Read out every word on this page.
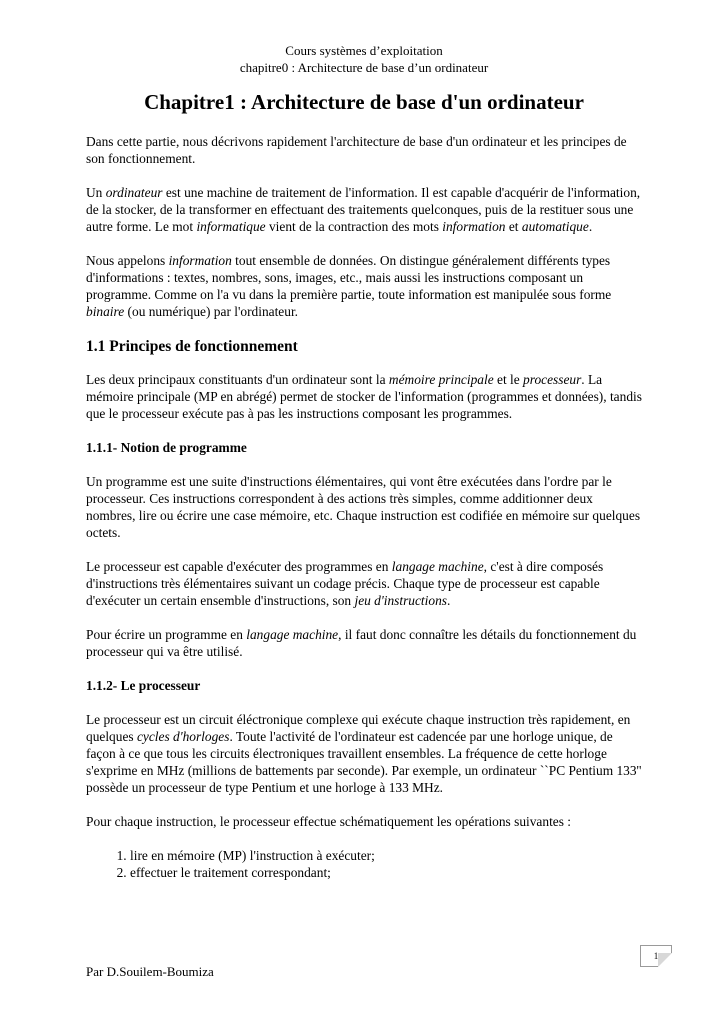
Cours systèmes d’exploitation
chapitre0 : Architecture de base d’un ordinateur
Chapitre1 : Architecture de base d'un ordinateur

Dans cette partie, nous décrivons rapidement l'architecture de base d'un ordinateur et les principes de son fonctionnement.

Un ordinateur est une machine de traitement de l'information. Il est capable d'acquérir de l'information, de la stocker, de la transformer en effectuant des traitements quelconques, puis de la restituer sous une autre forme. Le mot informatique vient de la contraction des mots information et automatique.

Nous appelons information tout ensemble de données. On distingue généralement différents types d'informations : textes, nombres, sons, images, etc., mais aussi les instructions composant un programme. Comme on l'a vu dans la première partie, toute information est manipulée sous forme binaire (ou numérique) par l'ordinateur.

1.1 Principes de fonctionnement

Les deux principaux constituants d'un ordinateur sont la mémoire principale et le processeur. La mémoire principale (MP en abrégé) permet de stocker de l'information (programmes et données), tandis que le processeur exécute pas à pas les instructions composant les programmes.

1.1.1- Notion de programme

Un programme est une suite d'instructions élémentaires, qui vont être exécutées dans l'ordre par le processeur. Ces instructions correspondent à des actions très simples, comme additionner deux nombres, lire ou écrire une case mémoire, etc. Chaque instruction est codifiée en mémoire sur quelques octets.

Le processeur est capable d'exécuter des programmes en langage machine, c'est à dire composés d'instructions très élémentaires suivant un codage précis. Chaque type de processeur est capable d'exécuter un certain ensemble d'instructions, son jeu d'instructions.

Pour écrire un programme en langage machine, il faut donc connaître les détails du fonctionnement du processeur qui va être utilisé.

1.1.2- Le processeur

Le processeur est un circuit éléctronique complexe qui exécute chaque instruction très rapidement, en quelques cycles d'horloges. Toute l'activité de l'ordinateur est cadencée par une horloge unique, de façon à ce que tous les circuits électroniques travaillent ensembles. La fréquence de cette horloge s'exprime en MHz (millions de battements par seconde). Par exemple, un ordinateur ``PC Pentium 133'' possède un processeur de type Pentium et une horloge à 133 MHz.

Pour chaque instruction, le processeur effectue schématiquement les opérations suivantes :

1. lire en mémoire (MP) l'instruction à exécuter;
2. effectuer le traitement correspondant;
1
Par D.Souilem-Boumiza
